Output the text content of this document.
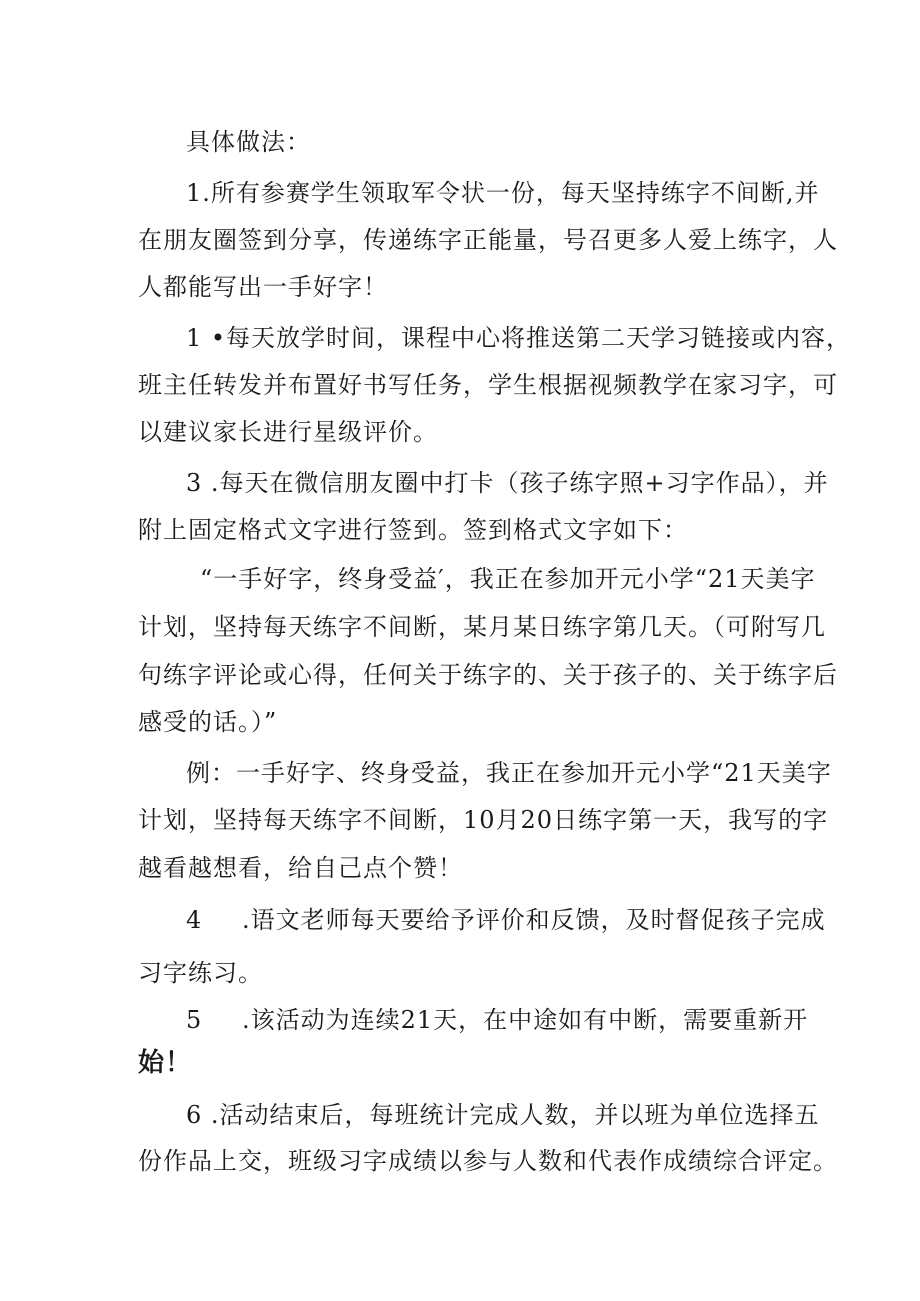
具体做法：
1.所有参赛学生领取军令状一份，每天坚持练字不间断,并
在朋友圈签到分享，传递练字正能量，号召更多人爱上练字，人
人都能写出一手好字！
1 •每天放学时间，课程中心将推送第二天学习链接或内容，
班主任转发并布置好书写任务，学生根据视频教学在家习字，可
以建议家长进行星级评价。
3 .每天在微信朋友圈中打卡（孩子练字照+习字作品），并
附上固定格式文字进行签到。签到格式文字如下：
“一手好字，终身受益′，我正在参加开元小学“21天美字
计划，坚持每天练字不间断，某月某日练字第几天。（可附写几
句练字评论或心得，任何关于练字的、关于孩子的、关于练字后
感受的话。）”
例：一手好字、终身受益，我正在参加开元小学“21天美字
计划，坚持每天练字不间断，10月20日练字第一天，我写的字
越看越想看，给自己点个赞！
4 .语文老师每天要给予评价和反馈，及时督促孩子完成
习字练习。
5 .该活动为连续21天，在中途如有中断，需要重新开
始！
6 .活动结束后，每班统计完成人数，并以班为单位选择五
份作品上交，班级习字成绩以参与人数和代表作成绩综合评定。
